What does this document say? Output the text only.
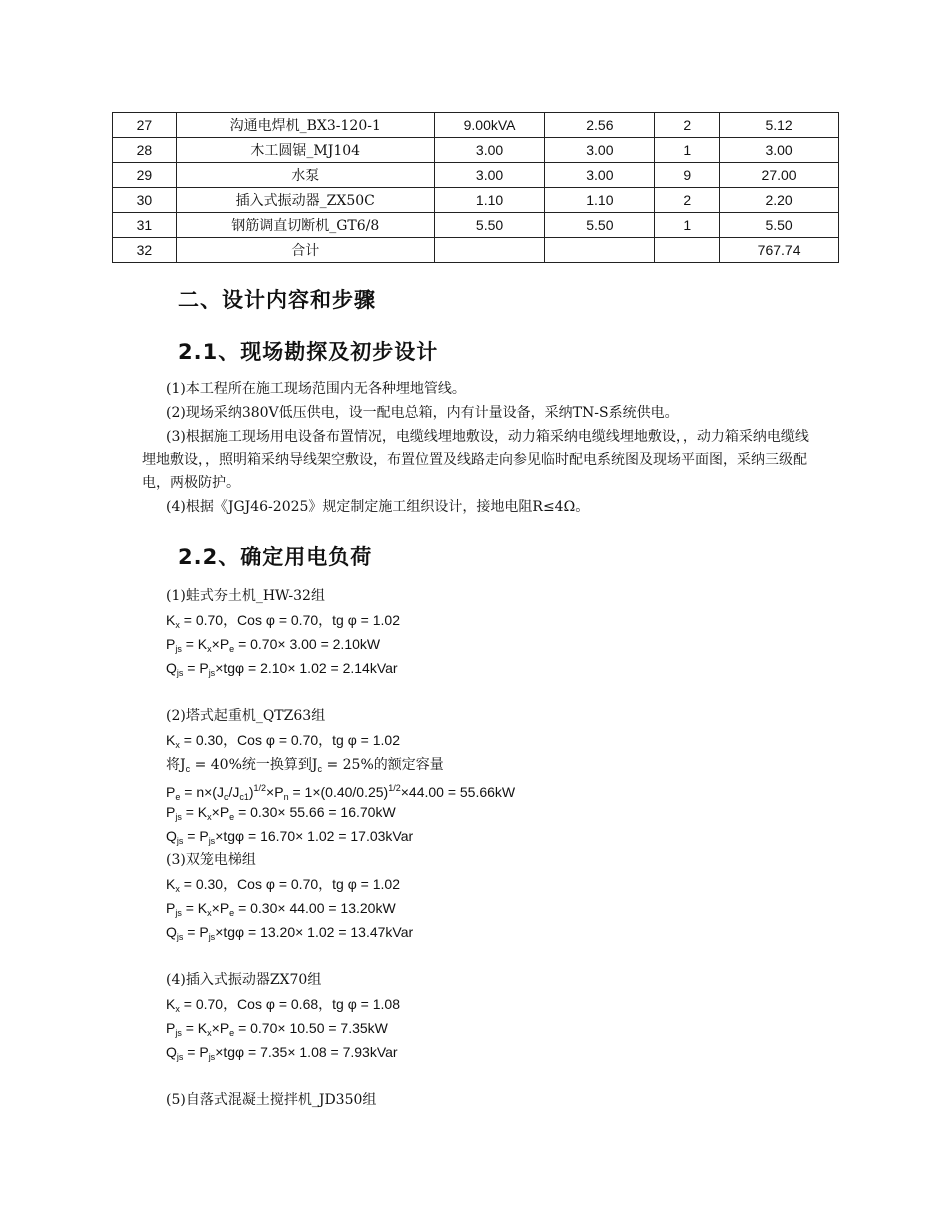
27	沟通电焊机_BX3-120-1	9.00kVA	2.56	2	5.12
28	木工圆锯_MJ104	3.00	3.00	1	3.00
29	水泵	3.00	3.00	9	27.00
30	插入式振动器_ZX50C	1.10	1.10	2	2.20
31	钢筋调直切断机_GT6/8	5.50	5.50	1	5.50
32	合计				767.74
二、设计内容和步骤
2.1、现场勘探及初步设计

(1)本工程所在施工现场范围内无各种埋地管线。

(2)现场采纳380V低压供电，设一配电总箱，内有计量设备，采纳TN-S系统供电。

(3)根据施工现场用电设备布置情况，电缆线埋地敷设，动力箱采纳电缆线埋地敷设，，动力箱采纳电缆线埋地敷设，，照明箱采纳导线架空敷设，布置位置及线路走向参见临时配电系统图及现场平面图，采纳三级配电，两极防护。

(4)根据《JGJ46-2025》规定制定施工组织设计，接地电阻R≤4Ω。

2.2、确定用电负荷
(1)蛙式夯土机_HW-32组
$K_x = 0.70$，Cos φ = 0.70，tg φ = 1.02
$P_{js} = K_x\times P_e = 0.70\times 3.00 = 2.10kW$
$Q_{js} = P_{js}\times tg\varphi = 2.10\times 1.02$ = 2.14kVar
(2)塔式起重机_QTZ63组
$K_x = 0.30$，Cos φ = 0.70，tg φ = 1.02
将$J_c = 40\%$统一换算到$J_c = 25\%$的额定容量
$P_e = n\times(J_c/J_{c1})^{1/2}\times P_n = 1\times(0.40/0.25)^{1/2}\times 44.00 = 55.66kW$
$P_{js} = K_x\times P_e = 0.30\times 55.66 = 16.70kW$
$Q_{js} = P_{js}\times tg\varphi = 16.70\times 1.02$ = 17.03kVar
(3)双笼电梯组
$K_x = 0.30$，Cos φ = 0.70，tg φ = 1.02
$P_{js} = K_x\times P_e = 0.30\times 44.00 = 13.20kW$
$Q_{js} = P_{js}\times tg\varphi = 13.20\times 1.02$ = 13.47kVar
(4)插入式振动器ZX70组
$K_x = 0.70$，Cos φ = 0.68，tg φ = 1.08
$P_{js} = K_x\times P_e = 0.70\times 10.50 = 7.35kW$
$Q_{js} = P_{js}\times tg\varphi = 7.35\times 1.08$ = 7.93kVar
(5)自落式混凝土搅拌机_JD350组
